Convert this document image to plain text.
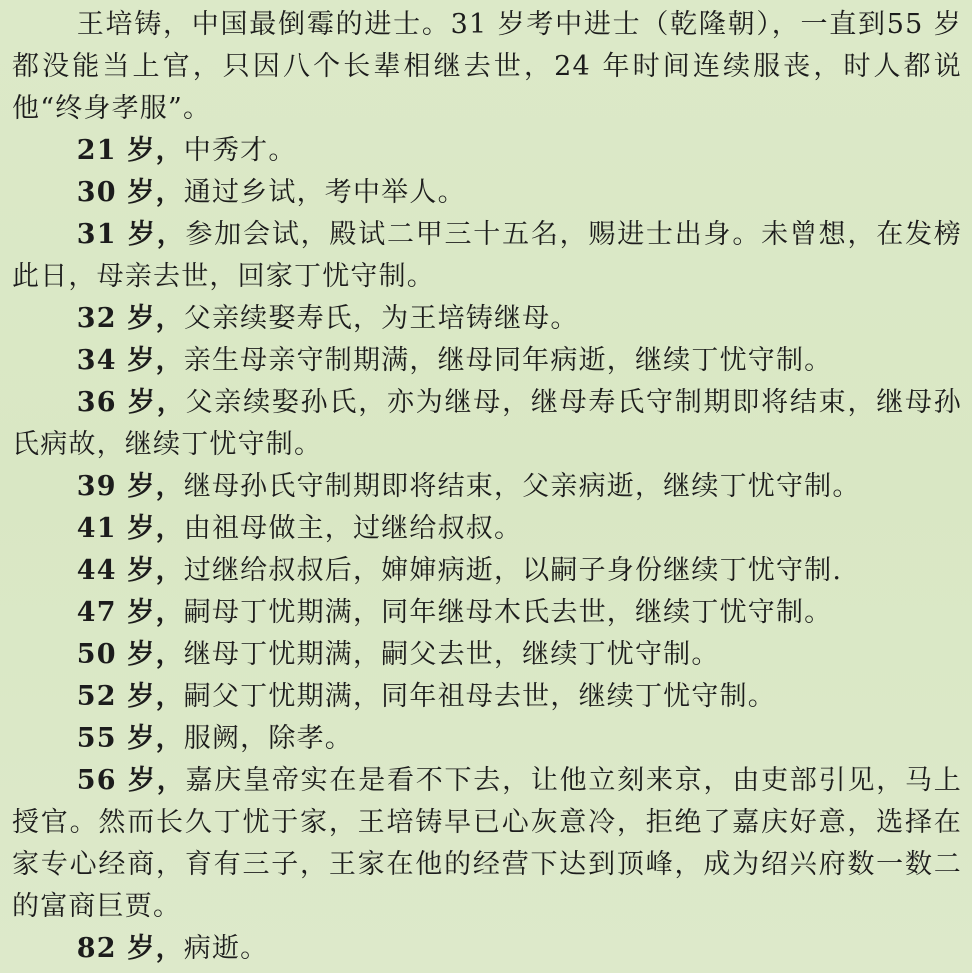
王培铸，中国最倒霉的进士。31 岁考中进士（乾隆朝），一直到55 岁都没能当上官，只因八个长辈相继去世，24 年时间连续服丧，时人都说他“终身孝服”。

21 岁，中秀才。

30 岁，通过乡试，考中举人。

31 岁，参加会试，殿试二甲三十五名，赐进士出身。未曾想，在发榜此日，母亲去世，回家丁忧守制。

32 岁，父亲续娶寿氏，为王培铸继母。

34 岁，亲生母亲守制期满，继母同年病逝，继续丁忧守制。

36 岁，父亲续娶孙氏，亦为继母，继母寿氏守制期即将结束，继母孙氏病故，继续丁忧守制。

39 岁，继母孙氏守制期即将结束，父亲病逝，继续丁忧守制。

41 岁，由祖母做主，过继给叔叔。

44 岁，过继给叔叔后，婶婶病逝，以嗣子身份继续丁忧守制.

47 岁，嗣母丁忧期满，同年继母木氏去世，继续丁忧守制。

50 岁，继母丁忧期满，嗣父去世，继续丁忧守制。

52 岁，嗣父丁忧期满，同年祖母去世，继续丁忧守制。

55 岁，服阙，除孝。

56 岁，嘉庆皇帝实在是看不下去，让他立刻来京，由吏部引见，马上授官。然而长久丁忧于家，王培铸早已心灰意冷，拒绝了嘉庆好意，选择在家专心经商，育有三子，王家在他的经营下达到顶峰，成为绍兴府数一数二的富商巨贾。

82 岁，病逝。
